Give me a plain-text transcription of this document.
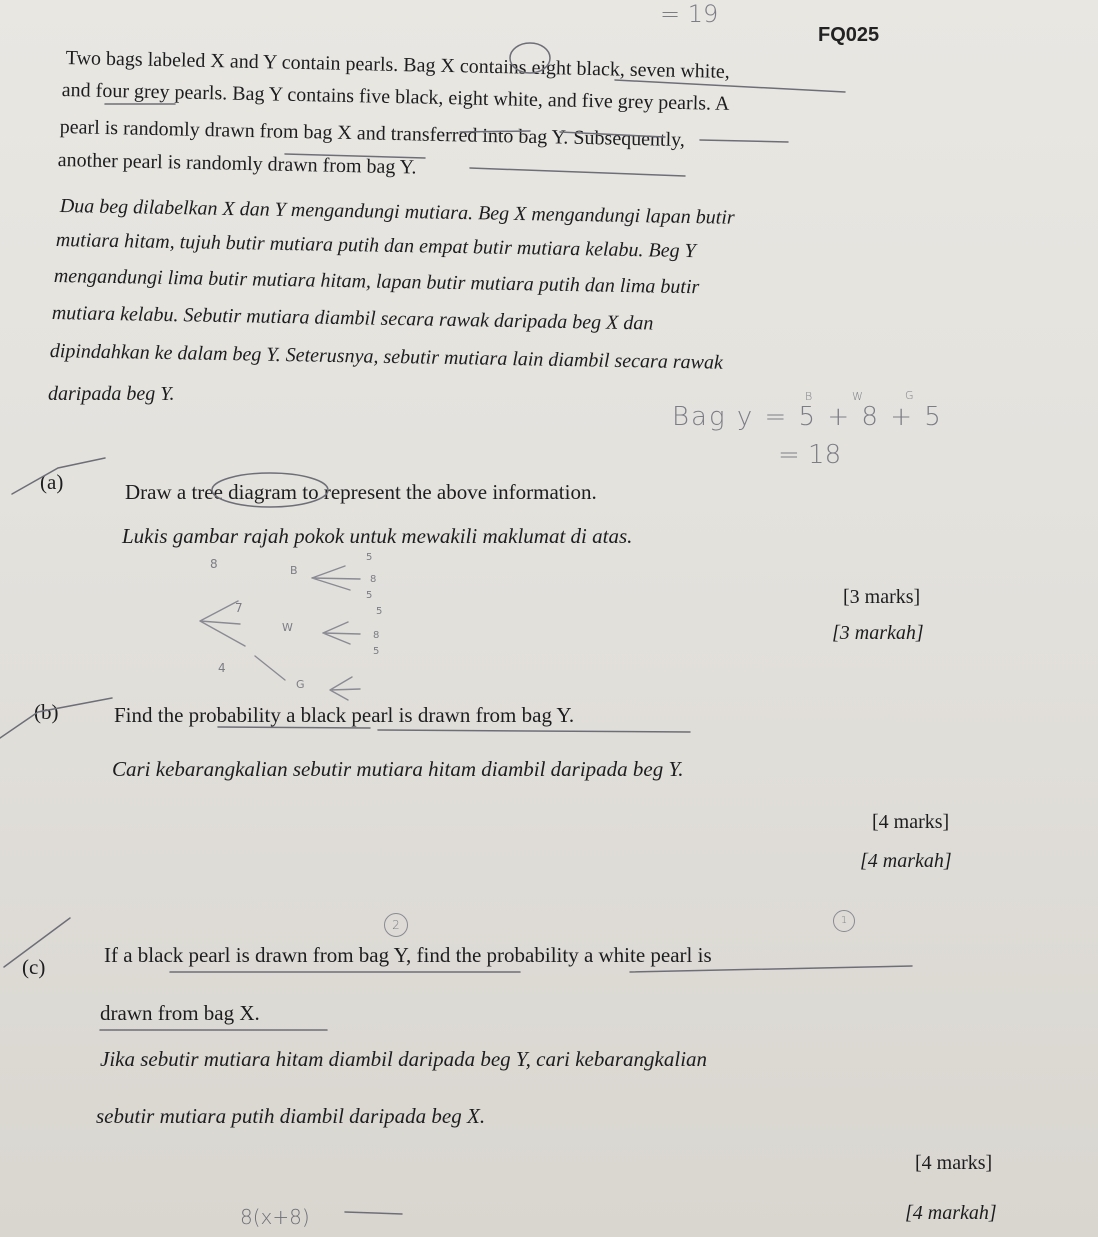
= 19
FQ025
Two bags labeled X and Y contain pearls. Bag X contains eight black, seven white,
and four grey pearls. Bag Y contains five black, eight white, and five grey pearls. A
pearl is randomly drawn from bag X and transferred into bag Y. Subsequently,
another pearl is randomly drawn from bag Y.
Dua beg dilabelkan X dan Y mengandungi mutiara. Beg X mengandungi lapan butir
mutiara hitam, tujuh butir mutiara putih dan empat butir mutiara kelabu. Beg Y
mengandungi lima butir mutiara hitam, lapan butir mutiara putih dan lima butir
mutiara kelabu. Sebutir mutiara diambil secara rawak daripada beg X dan
dipindahkan ke dalam beg Y. Seterusnya, sebutir mutiara lain diambil secara rawak
daripada beg Y.	B	W	G
Bag y = 5 + 8 + 5
= 18
(a)	Draw a tree diagram to represent the above information.
Lukis gambar rajah pokok untuk mewakili maklumat di atas.
[3 marks]
[3 markah]
8
7
4
B
W
G
5
8
5
5
8
5
(b)	Find the probability a black pearl is drawn from bag Y.
Cari kebarangkalian sebutir mutiara hitam diambil daripada beg Y.
[4 marks]
[4 markah]
2	1
(c)	If a black pearl is drawn from bag Y, find the probability a white pearl is
drawn from bag X.
Jika sebutir mutiara hitam diambil daripada beg Y, cari kebarangkalian
sebutir mutiara putih diambil daripada beg X.
[4 marks]
[4 markah]
8(x+8)
